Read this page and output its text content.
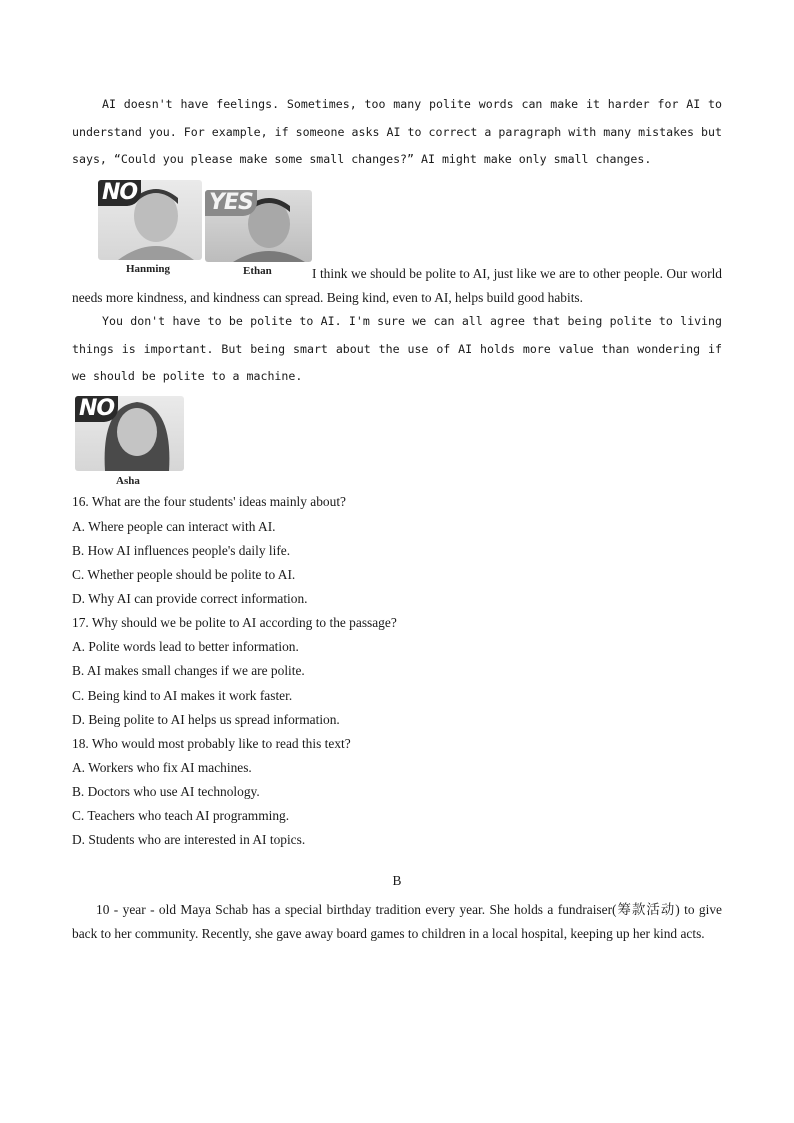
AI doesn't have feelings. Sometimes, too many polite words can make it harder for AI to understand you. For example, if someone asks AI to correct a paragraph with many mistakes but says, “Could you please make some small changes?” AI might make only small changes.
NO
Hanming
YES
Ethan	I think we should be polite to AI, just like we are to other people. Our world needs more kindness, and kindness can spread. Being kind, even to AI, helps build good habits.
You don't have to be polite to AI. I'm sure we can all agree that being polite to living things is important. But being smart about the use of AI holds more value than wondering if we should be polite to a machine.
NO
Asha
16. What are the four students' ideas mainly about?
A. Where people can interact with AI.
B. How AI influences people's daily life.
C. Whether people should be polite to AI.
D. Why AI can provide correct information.
17. Why should we be polite to AI according to the passage?
A. Polite words lead to better information.
B. AI makes small changes if we are polite.
C. Being kind to AI makes it work faster.
D. Being polite to AI helps us spread information.
18. Who would most probably like to read this text?
A. Workers who fix AI machines.
B. Doctors who use AI technology.
C. Teachers who teach AI programming.
D. Students who are interested in AI topics.
B
10 - year - old Maya Schab has a special birthday tradition every year. She holds a fundraiser(筹款活动) to give back to her community. Recently, she gave away board games to children in a local hospital, keeping up her kind acts.
